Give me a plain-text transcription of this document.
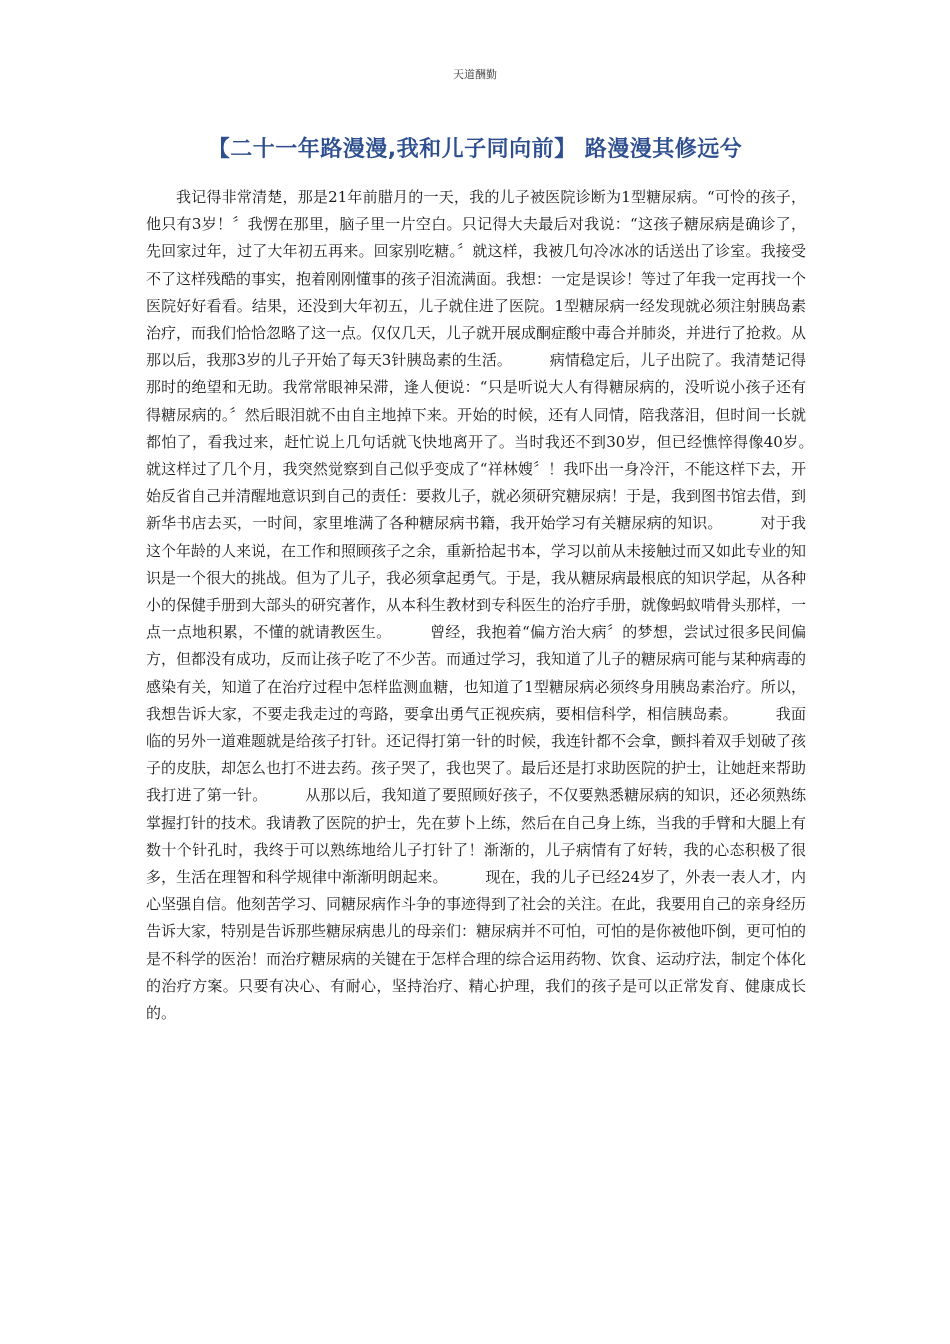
天道酬勤
【二十一年路漫漫,我和儿子同向前】 路漫漫其修远兮

我记得非常清楚，那是21年前腊月的一天，我的儿子被医院诊断为1型糖尿病。“可怜的孩子，他只有3岁！〞我愣在那里，脑子里一片空白。只记得大夫最后对我说：“这孩子糖尿病是确诊了，先回家过年，过了大年初五再来。回家别吃糖。〞就这样，我被几句冷冰冰的话送出了诊室。我接受不了这样残酷的事实，抱着刚刚懂事的孩子泪流满面。我想：一定是误诊！等过了年我一定再找一个医院好好看看。结果，还没到大年初五，儿子就住进了医院。1型糖尿病一经发现就必须注射胰岛素治疗，而我们恰恰忽略了这一点。仅仅几天，儿子就开展成酮症酸中毒合并肺炎，并进行了抢救。从那以后，我那3岁的儿子开始了每天3针胰岛素的生活。	病情稳定后，儿子出院了。我清楚记得那时的绝望和无助。我常常眼神呆滞，逢人便说：“只是听说大人有得糖尿病的，没听说小孩子还有得糖尿病的。〞然后眼泪就不由自主地掉下来。开始的时候，还有人同情，陪我落泪，但时间一长就都怕了，看我过来，赶忙说上几句话就飞快地离开了。当时我还不到30岁，但已经憔悴得像40岁。就这样过了几个月，我突然觉察到自己似乎变成了“祥林嫂〞！我吓出一身冷汗，不能这样下去，开始反省自己并清醒地意识到自己的责任：要救儿子，就必须研究糖尿病！于是，我到图书馆去借，到新华书店去买，一时间，家里堆满了各种糖尿病书籍，我开始学习有关糖尿病的知识。	对于我这个年龄的人来说，在工作和照顾孩子之余，重新拾起书本，学习以前从未接触过而又如此专业的知识是一个很大的挑战。但为了儿子，我必须拿起勇气。于是，我从糖尿病最根底的知识学起，从各种小的保健手册到大部头的研究著作，从本科生教材到专科医生的治疗手册，就像蚂蚁啃骨头那样，一点一点地积累，不懂的就请教医生。	曾经，我抱着“偏方治大病〞的梦想，尝试过很多民间偏方，但都没有成功，反而让孩子吃了不少苦。而通过学习，我知道了儿子的糖尿病可能与某种病毒的感染有关，知道了在治疗过程中怎样监测血糖，也知道了1型糖尿病必须终身用胰岛素治疗。所以，我想告诉大家，不要走我走过的弯路，要拿出勇气正视疾病，要相信科学，相信胰岛素。	我面临的另外一道难题就是给孩子打针。还记得打第一针的时候，我连针都不会拿，颤抖着双手划破了孩子的皮肤，却怎么也打不进去药。孩子哭了，我也哭了。最后还是打求助医院的护士，让她赶来帮助我打进了第一针。	从那以后，我知道了要照顾好孩子，不仅要熟悉糖尿病的知识，还必须熟练掌握打针的技术。我请教了医院的护士，先在萝卜上练，然后在自己身上练，当我的手臂和大腿上有数十个针孔时，我终于可以熟练地给儿子打针了！渐渐的，儿子病情有了好转，我的心态积极了很多，生活在理智和科学规律中渐渐明朗起来。	现在，我的儿子已经24岁了，外表一表人才，内心坚强自信。他刻苦学习、同糖尿病作斗争的事迹得到了社会的关注。在此，我要用自己的亲身经历告诉大家，特别是告诉那些糖尿病患儿的母亲们：糖尿病并不可怕，可怕的是你被他吓倒，更可怕的是不科学的医治！而治疗糖尿病的关键在于怎样合理的综合运用药物、饮食、运动疗法，制定个体化的治疗方案。只要有决心、有耐心，坚持治疗、精心护理，我们的孩子是可以正常发育、健康成长的。
